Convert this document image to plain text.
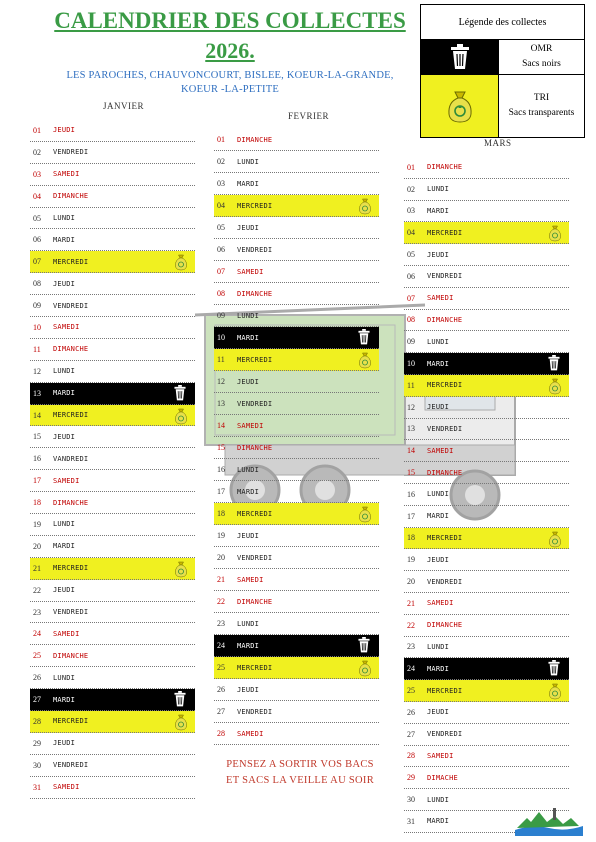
CALENDRIER DES COLLECTES
2026.
LES PAROCHES, CHAUVONCOURT, BISLEE, KOEUR-LA-GRANDE,
KOEUR -LA-PETITE
Légende des collectes
OMR
Sacs noirs
TRI
Sacs transparents
JANVIER
FEVRIER
MARS
01	JEUDI
02	VENDREDI
03	SAMEDI
04	DIMANCHE
05	LUNDI
06	MARDI
07	MERCREDI
08	JEUDI
09	VENDREDI
10	SAMEDI
11	DIMANCHE
12	LUNDI
13	MARDI
14	MERCREDI
15	JEUDI
16	VANDREDI
17	SAMEDI
18	DIMANCHE
19	LUNDI
20	MARDI
21	MERCREDI
22	JEUDI
23	VENDREDI
24	SAMEDI
25	DIMANCHE
26	LUNDI
27	MARDI
28	MERCREDI
29	JEUDI
30	VENDREDI
31	SAMEDI
01	DIMANCHE
02	LUNDI
03	MARDI
04	MERCREDI
05	JEUDI
06	VENDREDI
07	SAMEDI
08	DIMANCHE
09	LUNDI
10	MARDI
11	MERCREDI
12	JEUDI
13	VENDREDI
14	SAMEDI
15	DIMANCHE
16	LUNDI
17	MARDI
18	MERCREDI
19	JEUDI
20	VENDREDI
21	SAMEDI
22	DIMANCHE
23	LUNDI
24	MARDI
25	MERCREDI
26	JEUDI
27	VENDREDI
28	SAMEDI
01	DIMANCHE
02	LUNDI
03	MARDI
04	MERCREDI
05	JEUDI
06	VENDREDI
07	SAMEDI
08	DIMANCHE
09	LUNDI
10	MARDI
11	MERCREDI
12	JEUDI
13	VENDREDI
14	SAMEDI
15	DIMANCHE
16	LUNDI
17	MARDI
18	MERCREDI
19	JEUDI
20	VENDREDI
21	SAMEDI
22	DIMANCHE
23	LUNDI
24	MARDI
25	MERCREDI
26	JEUDI
27	VENDREDI
28	SAMEDI
29	DIMACHE
30	LUNDI
31	MARDI
PENSEZ A SORTIR VOS BACS
ET SACS LA VEILLE AU SOIR
